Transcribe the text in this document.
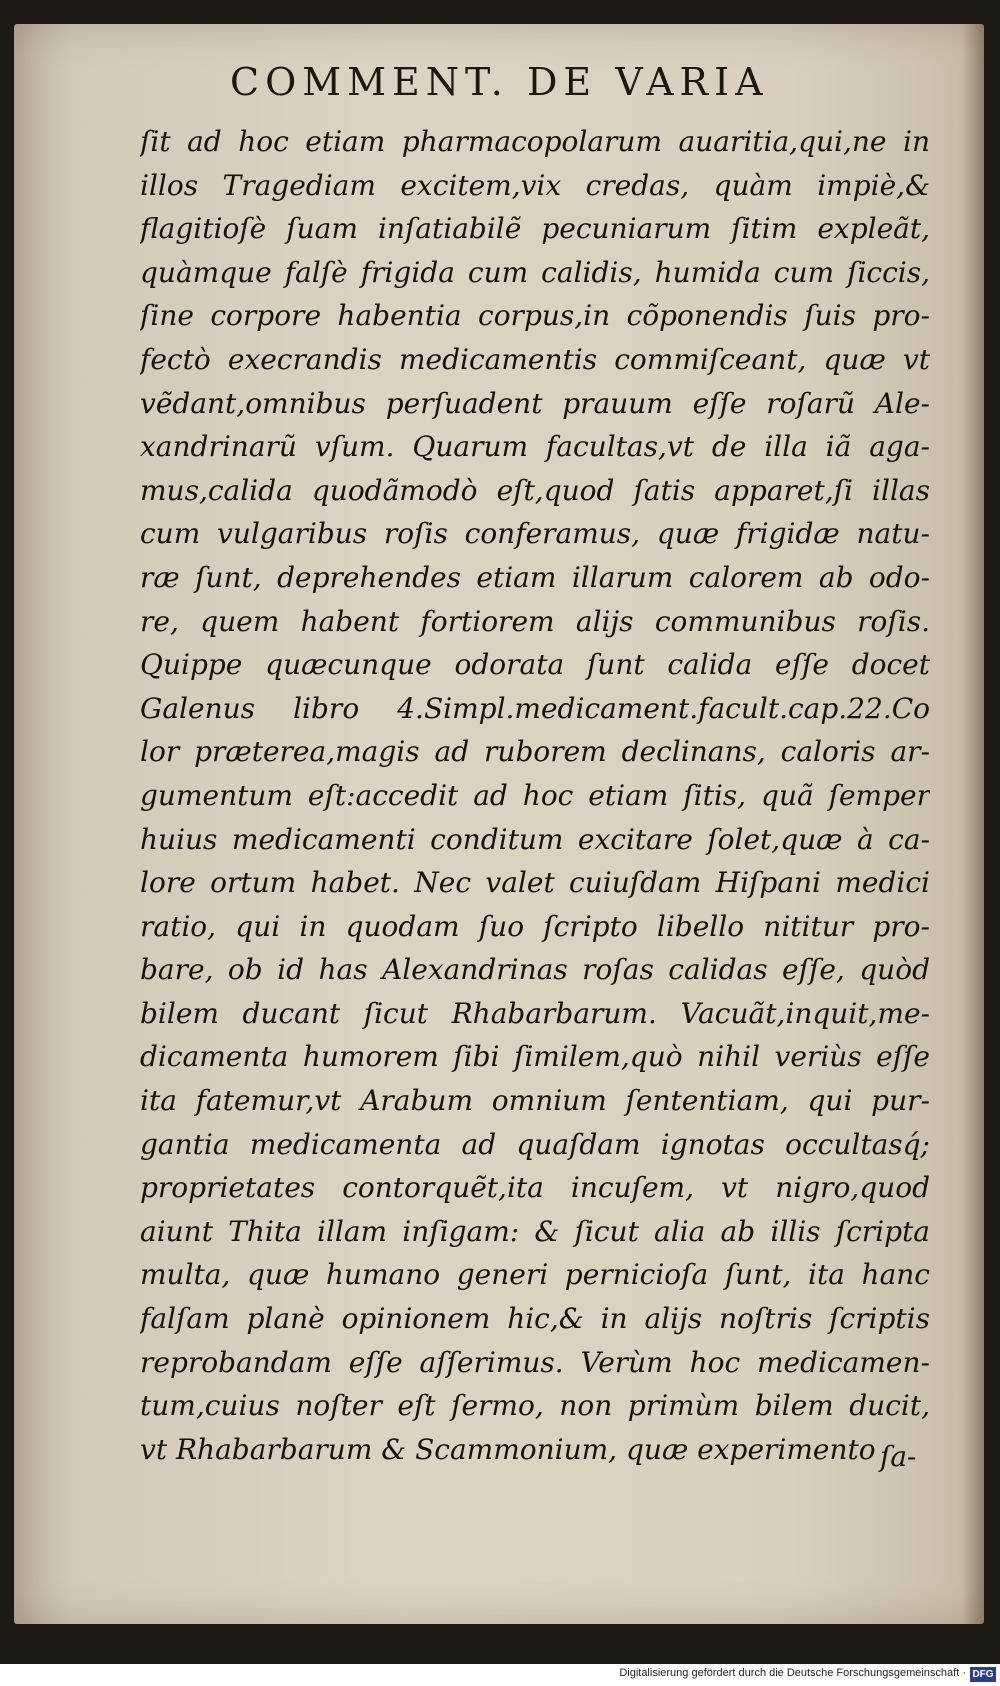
COMMENT. DE VARIA
ſit ad hoc etiam pharmacopolarum auaritia,qui,ne in
illos Tragediam excitem,vix credas, quàm impiè,&
flagitioſè ſuam inſatiabilẽ pecuniarum ſitim expleãt,
quàmque falſè frigida cum calidis, humida cum ſiccis,
ſine corpore habentia corpus,in cõponendis ſuis pro-
fectò execrandis medicamentis commiſceant, quæ vt
vẽdant,omnibus perſuadent prauum eſſe roſarũ Ale-
xandrinarũ vſum. Quarum facultas,vt de illa iã aga-
mus,calida quodãmodò eſt,quod ſatis apparet,ſi illas
cum vulgaribus roſis conferamus, quæ frigidæ natu-
ræ ſunt, deprehendes etiam illarum calorem ab odo-
re, quem habent fortiorem alijs communibus roſis.
Quippe quæcunque odorata ſunt calida eſſe docet
Galenus libro 4.Simpl.medicament.facult.cap.22.Co
lor præterea,magis ad ruborem declinans, caloris ar-
gumentum eſt:accedit ad hoc etiam ſitis, quã ſemper
huius medicamenti conditum excitare ſolet,quæ à ca-
lore ortum habet. Nec valet cuiuſdam Hiſpani medici
ratio, qui in quodam ſuo ſcripto libello nititur pro-
bare, ob id has Alexandrinas roſas calidas eſſe, quòd
bilem ducant ſicut Rhabarbarum. Vacuãt,inquit,me-
dicamenta humorem ſibi ſimilem,quò nihil veriùs eſſe
ita fatemur,vt Arabum omnium ſententiam, qui pur-
gantia medicamenta ad quaſdam ignotas occultasq́;
proprietates contorquẽt,ita incuſem, vt nigro,quod
aiunt Thita illam inſigam: & ſicut alia ab illis ſcripta
multa, quæ humano generi pernicioſa ſunt, ita hanc
falſam planè opinionem hic,& in alijs noſtris ſcriptis
reprobandam eſſe aſſerimus. Verùm hoc medicamen-
tum,cuius noſter eſt ſermo, non primùm bilem ducit,
vt Rhabarbarum & Scammonium, quæ experimento ſa-
Digitalisierung gefördert durch die Deutsche Forschungsgemeinschaft · DFG
